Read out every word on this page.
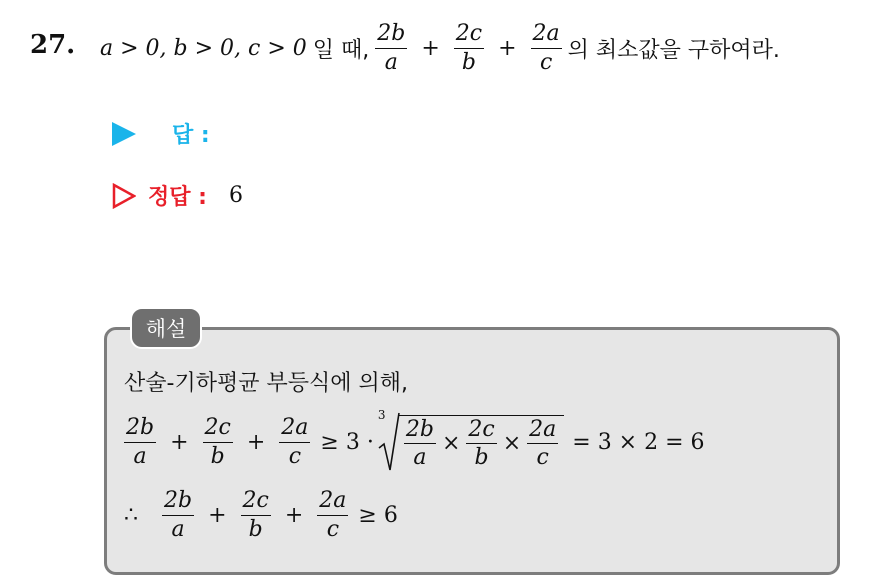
27. a > 0, b > 0, c > 0 일 때, $\frac{2b}{a} + \frac{2c}{b} + \frac{2a}{c}$ 의 최소값을 구하여라.
답 :
정답 : 6
해설
산술-기하평균 부등식에 의해,
$\frac{2b}{a} + \frac{2c}{b} + \frac{2a}{c} \ge 3$ ·
3
$\frac{2b}{a} \times \frac{2c}{b} \times \frac{2a}{c} = 3 \times 2 = 6$
∴ $\frac{2b}{a} + \frac{2c}{b} + \frac{2a}{c} \ge 6$
